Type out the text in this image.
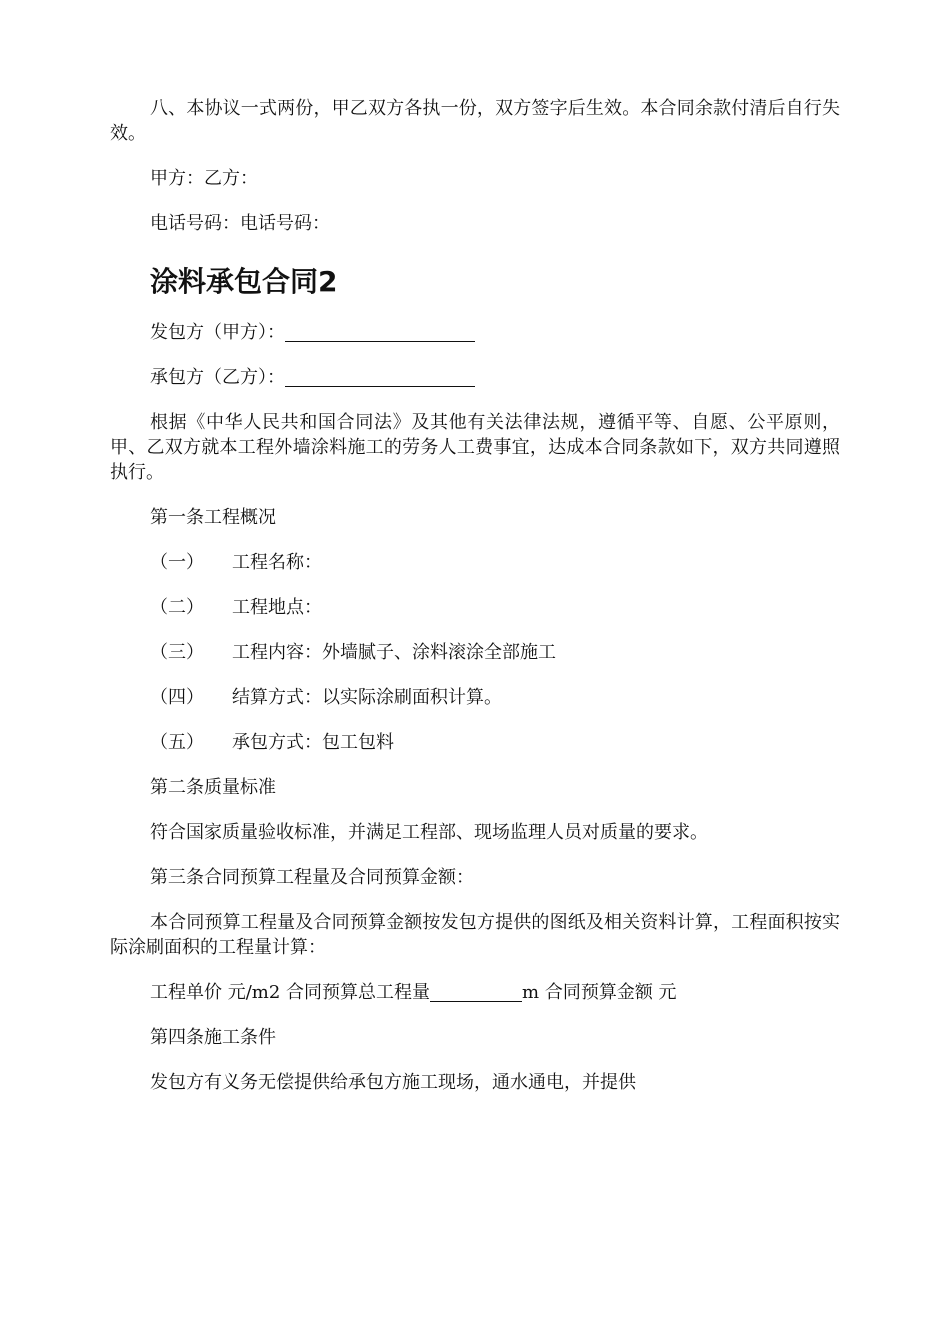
八、本协议一式两份，甲乙双方各执一份，双方签字后生效。本合同余款付清后自行失效。

甲方：乙方：

电话号码：电话号码：

涂料承包合同2

发包方（甲方）：

承包方（乙方）：

根据《中华人民共和国合同法》及其他有关法律法规，遵循平等、自愿、公平原则，甲、乙双方就本工程外墙涂料施工的劳务人工费事宜，达成本合同条款如下，双方共同遵照执行。

第一条工程概况

（一） 工程名称：

（二） 工程地点：

（三） 工程内容：外墙腻子、涂料滚涂全部施工

（四） 结算方式：以实际涂刷面积计算。

（五） 承包方式：包工包料

第二条质量标准

符合国家质量验收标准，并满足工程部、现场监理人员对质量的要求。

第三条合同预算工程量及合同预算金额：

本合同预算工程量及合同预算金额按发包方提供的图纸及相关资料计算，工程面积按实际涂刷面积的工程量计算：

工程单价 元/m2 合同预算总工程量	m 合同预算金额 元

第四条施工条件

发包方有义务无偿提供给承包方施工现场，通水通电，并提供
